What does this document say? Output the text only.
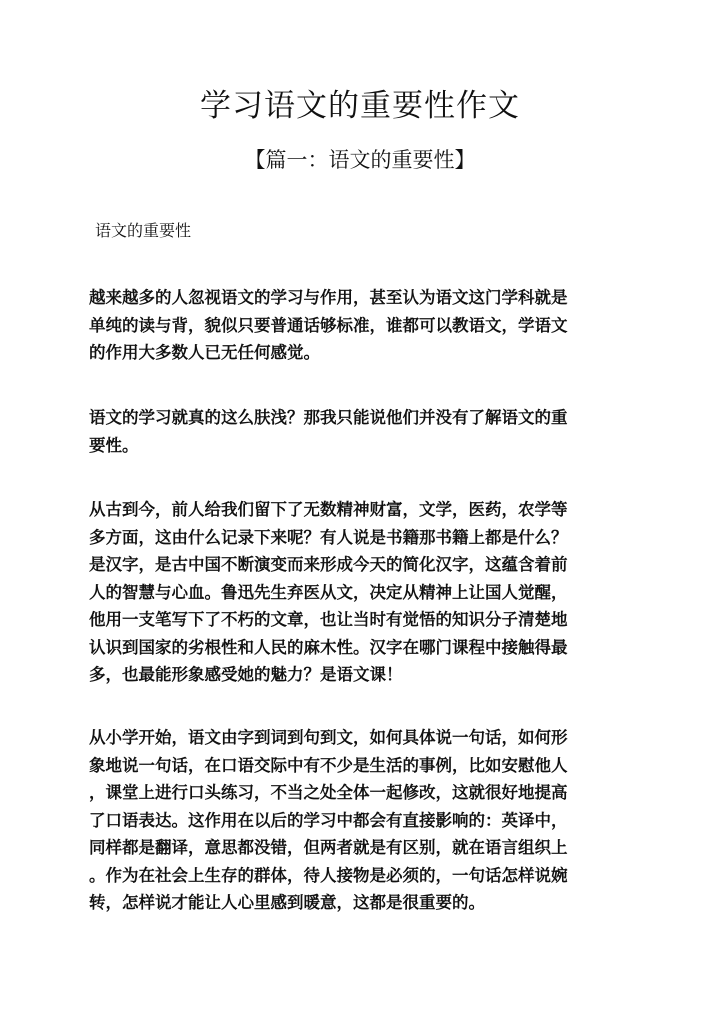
学习语文的重要性作文
【篇一：语文的重要性】
语文的重要性
越来越多的人忽视语文的学习与作用，甚至认为语文这门学科就是
单纯的读与背，貌似只要普通话够标准，谁都可以教语文，学语文
的作用大多数人已无任何感觉。
语文的学习就真的这么肤浅？那我只能说他们并没有了解语文的重
要性。
从古到今，前人给我们留下了无数精神财富，文学，医药，农学等
多方面，这由什么记录下来呢？有人说是书籍那书籍上都是什么？
是汉字，是古中国不断演变而来形成今天的简化汉字，这蕴含着前
人的智慧与心血。鲁迅先生弃医从文，决定从精神上让国人觉醒，
他用一支笔写下了不朽的文章，也让当时有觉悟的知识分子清楚地
认识到国家的劣根性和人民的麻木性。汉字在哪门课程中接触得最
多，也最能形象感受她的魅力？是语文课！
从小学开始，语文由字到词到句到文，如何具体说一句话，如何形
象地说一句话，在口语交际中有不少是生活的事例，比如安慰他人
，课堂上进行口头练习，不当之处全体一起修改，这就很好地提高
了口语表达。这作用在以后的学习中都会有直接影响的：英译中，
同样都是翻译，意思都没错，但两者就是有区别，就在语言组织上
。作为在社会上生存的群体，待人接物是必须的，一句话怎样说婉
转，怎样说才能让人心里感到暖意，这都是很重要的。
